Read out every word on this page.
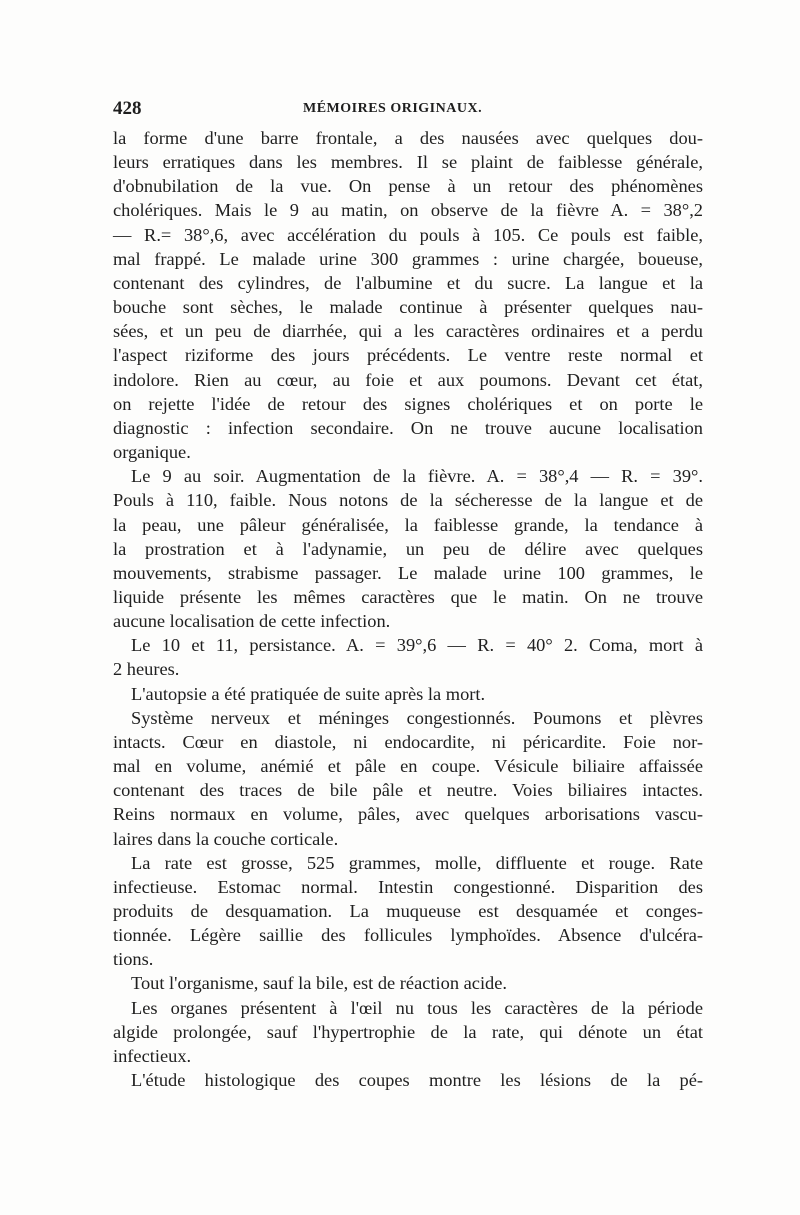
428	MÉMOIRES ORIGINAUX.

la forme d'une barre frontale, a des nausées avec quelques dou-

leurs erratiques dans les membres. Il se plaint de faiblesse générale,

d'obnubilation de la vue. On pense à un retour des phénomènes

cholériques. Mais le 9 au matin, on observe de la fièvre A. = 38°,2

— R.= 38°,6, avec accélération du pouls à 105. Ce pouls est faible,

mal frappé. Le malade urine 300 grammes : urine chargée, boueuse,

contenant des cylindres, de l'albumine et du sucre. La langue et la

bouche sont sèches, le malade continue à présenter quelques nau-

sées, et un peu de diarrhée, qui a les caractères ordinaires et a perdu

l'aspect riziforme des jours précédents. Le ventre reste normal et

indolore. Rien au cœur, au foie et aux poumons. Devant cet état,

on rejette l'idée de retour des signes cholériques et on porte le

diagnostic : infection secondaire. On ne trouve aucune localisation

organique.

Le 9 au soir. Augmentation de la fièvre. A. = 38°,4 — R. = 39°.

Pouls à 110, faible. Nous notons de la sécheresse de la langue et de

la peau, une pâleur généralisée, la faiblesse grande, la tendance à

la prostration et à l'adynamie, un peu de délire avec quelques

mouvements, strabisme passager. Le malade urine 100 grammes, le

liquide présente les mêmes caractères que le matin. On ne trouve

aucune localisation de cette infection.

Le 10 et 11, persistance. A. = 39°,6 — R. = 40° 2. Coma, mort à

2 heures.

L'autopsie a été pratiquée de suite après la mort.

Système nerveux et méninges congestionnés. Poumons et plèvres

intacts. Cœur en diastole, ni endocardite, ni péricardite. Foie nor-

mal en volume, anémié et pâle en coupe. Vésicule biliaire affaissée

contenant des traces de bile pâle et neutre. Voies biliaires intactes.

Reins normaux en volume, pâles, avec quelques arborisations vascu-

laires dans la couche corticale.

La rate est grosse, 525 grammes, molle, diffluente et rouge. Rate

infectieuse. Estomac normal. Intestin congestionné. Disparition des

produits de desquamation. La muqueuse est desquamée et conges-

tionnée. Légère saillie des follicules lymphoïdes. Absence d'ulcéra-

tions.

Tout l'organisme, sauf la bile, est de réaction acide.

Les organes présentent à l'œil nu tous les caractères de la période

algide prolongée, sauf l'hypertrophie de la rate, qui dénote un état

infectieux.

L'étude histologique des coupes montre les lésions de la pé-
